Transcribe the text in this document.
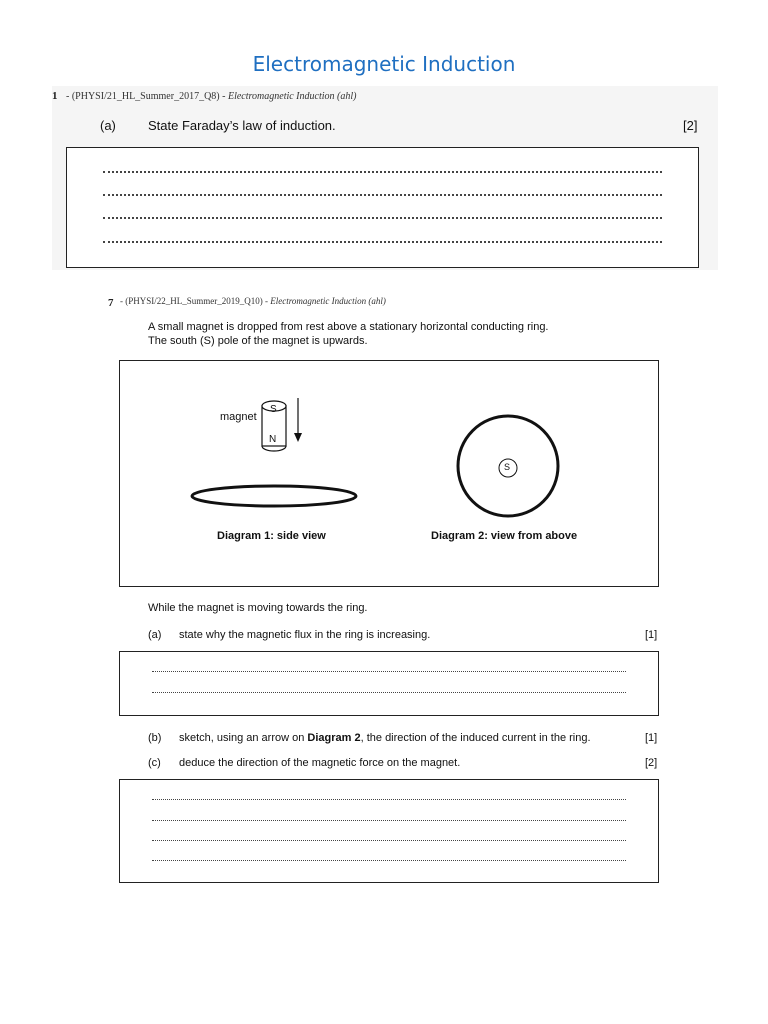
Electromagnetic Induction
1 - (PHYSI/21_HL_Summer_2017_Q8) - Electromagnetic Induction (ahl)
(a) State Faraday’s law of induction.	[2]
7 - (PHYSI/22_HL_Summer_2019_Q10) - Electromagnetic Induction (ahl)
A small magnet is dropped from rest above a stationary horizontal conducting ring.
The south (S) pole of the magnet is upwards.
magnet
S
N
S
Diagram 1: side view	Diagram 2: view from above
While the magnet is moving towards the ring.
(a) state why the magnetic flux in the ring is increasing.	[1]
(b) sketch, using an arrow on Diagram 2, the direction of the induced current in the ring.	[1]
(c) deduce the direction of the magnetic force on the magnet.	[2]
